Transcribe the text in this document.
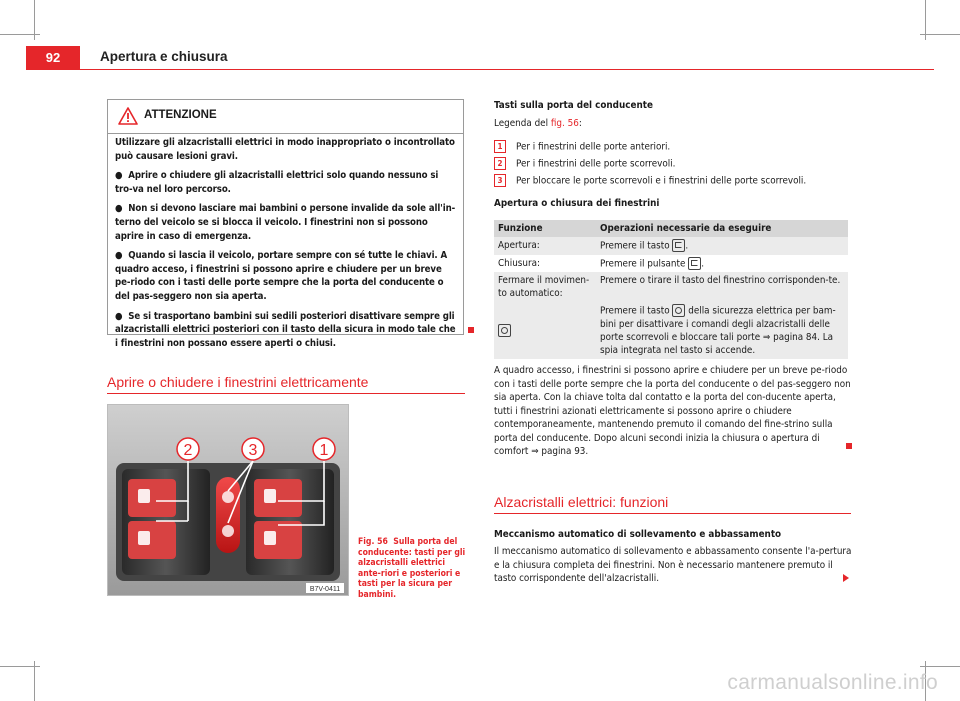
92	Apertura e chiusura
ATTENZIONE

Utilizzare gli alzacristalli elettrici in modo inappropriato o incontrollato può causare lesioni gravi.

● Aprire o chiudere gli alzacristalli elettrici solo quando nessuno si tro-va nel loro percorso.

● Non si devono lasciare mai bambini o persone invalide da sole all'in-terno del veicolo se si blocca il veicolo. I finestrini non si possono aprire in caso di emergenza.

● Quando si lascia il veicolo, portare sempre con sé tutte le chiavi. A quadro acceso, i finestrini si possono aprire e chiudere per un breve pe-riodo con i tasti delle porte sempre che la porta del conducente o del pas-seggero non sia aperta.

● Se si trasportano bambini sui sedili posteriori disattivare sempre gli alzacristalli elettrici posteriori con il tasto della sicura in modo tale che i finestrini non possano essere aperti o chiusi.

Aprire o chiudere i finestrini elettricamente
2	3	1
B7V-0411
Fig. 56 Sulla porta del conducente: tasti per gli alzacristalli elettrici ante-riori e posteriori e tasti per la sicura per bambini.
Tasti sulla porta del conducente
Legenda del fig. 56:
1 Per i finestrini delle porte anteriori.
2 Per i finestrini delle porte scorrevoli.
3 Per bloccare le porte scorrevoli e i finestrini delle porte scorrevoli.
Apertura o chiusura dei finestrini
Funzione	Operazioni necessarie da eseguire
Apertura:	Premere il tasto .
Chiusura:	Premere il pulsante .
Fermare il movimen-to automatico:	Premere o tirare il tasto del finestrino corrisponden-te.
	Premere il tasto della sicurezza elettrica per bam-bini per disattivare i comandi degli alzacristalli delle porte scorrevoli e bloccare tali porte ⇒ pagina 84. La spia integrata nel tasto si accende.
A quadro accesso, i finestrini si possono aprire e chiudere per un breve pe-riodo con i tasti delle porte sempre che la porta del conducente o del pas-seggero non sia aperta. Con la chiave tolta dal contatto e la porta del con-ducente aperta, tutti i finestrini azionati elettricamente si possono aprire o chiudere contemporaneamente, mantenendo premuto il comando del fine-strino sulla porta del conducente. Dopo alcuni secondi inizia la chiusura o apertura di comfort ⇒ pagina 93.
Alzacristalli elettrici: funzioni
Meccanismo automatico di sollevamento e abbassamento
Il meccanismo automatico di sollevamento e abbassamento consente l'a-pertura e la chiusura completa dei finestrini. Non è necessario mantenere premuto il tasto corrispondente dell'alzacristalli.
carmanualsonline.info
